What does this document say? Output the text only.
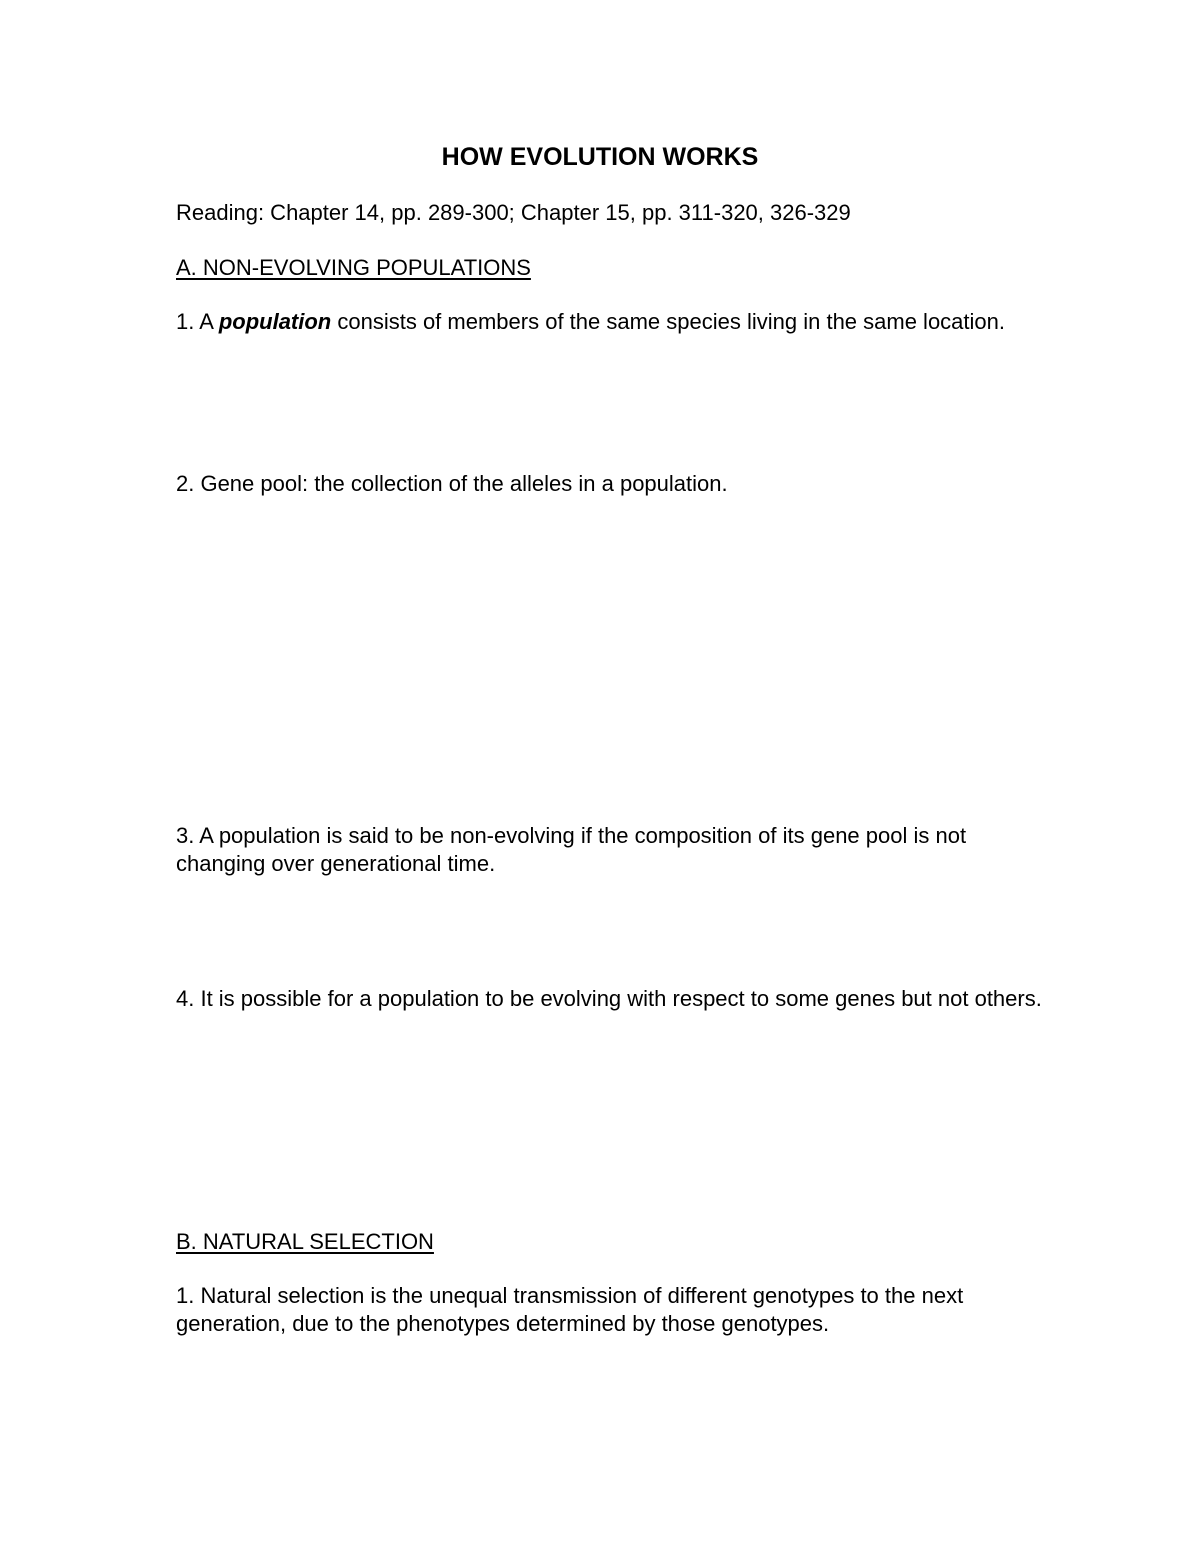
HOW EVOLUTION WORKS
Reading: Chapter 14, pp. 289-300; Chapter 15, pp. 311-320, 326-329
A. NON-EVOLVING POPULATIONS
1. A population consists of members of the same species living in the same location.
2. Gene pool: the collection of the alleles in a population.
3. A population is said to be non-evolving if the composition of its gene pool is not changing over generational time.
4. It is possible for a population to be evolving with respect to some genes but not others.
B. NATURAL SELECTION
1. Natural selection is the unequal transmission of different genotypes to the next generation, due to the phenotypes determined by those genotypes.
